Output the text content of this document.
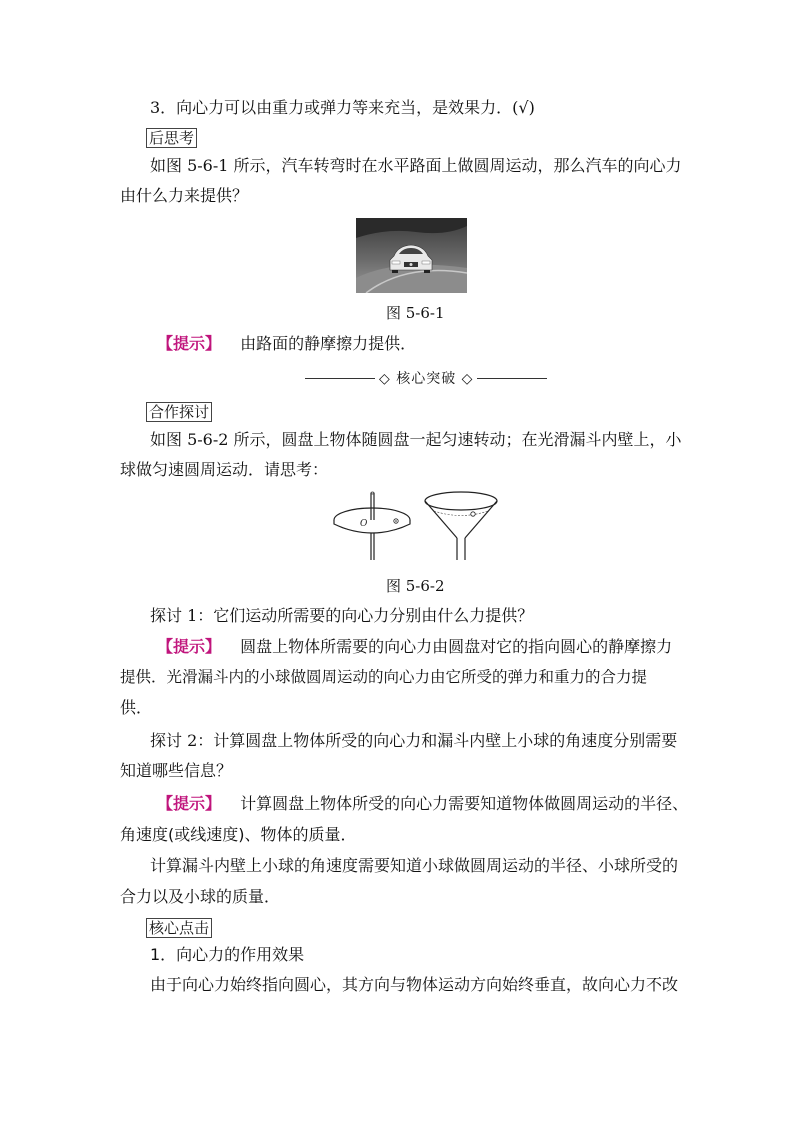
3．向心力可以由重力或弹力等来充当，是效果力．(√)
后思考
如图 5-6-1 所示，汽车转弯时在水平路面上做圆周运动，那么汽车的向心力
由什么力来提供？
图 5-6-1
【提示】 由路面的静摩擦力提供．
◇ 核心突破 ◇
合作探讨
如图 5-6-2 所示，圆盘上物体随圆盘一起匀速转动；在光滑漏斗内壁上，小
球做匀速圆周运动．请思考：
O
图 5-6-2
探讨 1：它们运动所需要的向心力分别由什么力提供？
【提示】 圆盘上物体所需要的向心力由圆盘对它的指向圆心的静摩擦力
提供．光滑漏斗内的小球做圆周运动的向心力由它所受的弹力和重力的合力提
供．
探讨 2：计算圆盘上物体所受的向心力和漏斗内壁上小球的角速度分别需要
知道哪些信息？
【提示】 计算圆盘上物体所受的向心力需要知道物体做圆周运动的半径、
角速度(或线速度)、物体的质量．
计算漏斗内壁上小球的角速度需要知道小球做圆周运动的半径、小球所受的
合力以及小球的质量．
核心点击
1．向心力的作用效果
由于向心力始终指向圆心，其方向与物体运动方向始终垂直，故向心力不改
